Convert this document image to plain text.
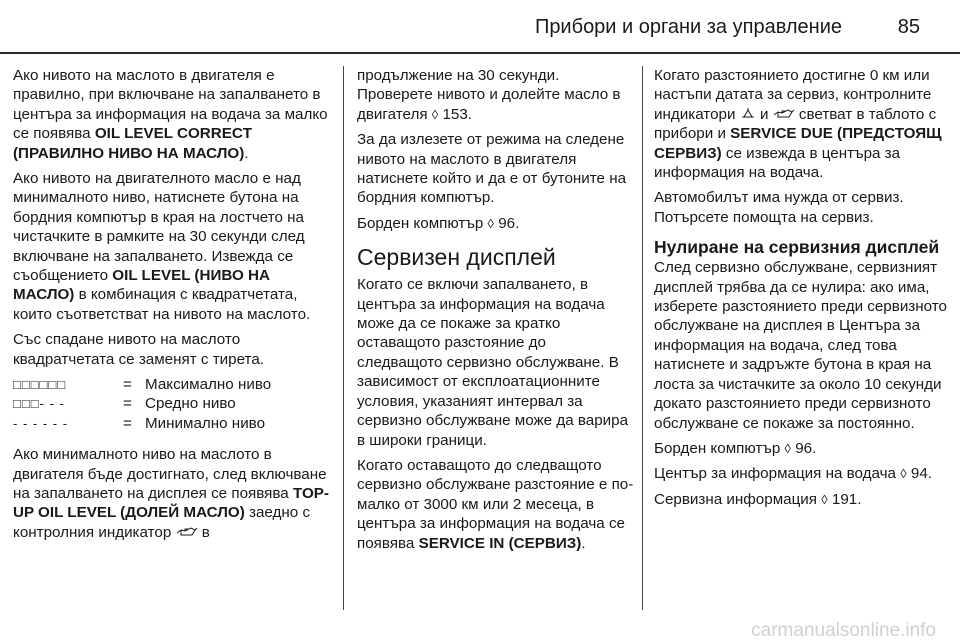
Прибори и органи за управление	85

Ако нивото на маслото в двигателя е правилно, при включване на запалването в центъра за информация на водача за малко се появява OIL LEVEL CORRECT (ПРАВИЛНО НИВО НА МАСЛО).

Ако нивото на двигателното масло е над минималното ниво, натиснете бутона на бордния компютър в края на лостчето на чистачките в рамките на 30 секунди след включване на запалването. Извежда се съобщението OIL LEVEL (НИВО НА МАСЛО) в комбинация с квадратчетата, които съответстват на нивото на маслото.

Със спадане нивото на маслото квадратчетата се заменят с тирета.

□□□□□□	= Максимално ниво
□□□- - -	= Средно ниво
- - - - - -	= Минимално ниво

Ако минималното ниво на маслото в двигателя бъде достигнато, след включване на запалването на дисплея се появява TOP-UP OIL LEVEL (ДОЛЕЙ МАСЛО) заедно с контролния индикатор  в

продължение на 30 секунди. Проверете нивото и долейте масло в двигателя ◊ 153.

За да излезете от режима на следене нивото на маслото в двигателя натиснете който и да е от бутоните на бордния компютър.

Борден компютър ◊ 96.

Сервизен дисплей

Когато се включи запалването, в центъра за информация на водача може да се покаже за кратко оставащото разстояние до следващото сервизно обслужване. В зависимост от експлоатационните условия, указаният интервал за сервизно обслужване може да варира в широки граници.

Когато оставащото до следващото сервизно обслужване разстояние е по-малко от 3000 км или 2 месеца, в центъра за информация на водача се появява SERVICE IN (СЕРВИЗ).

Когато разстоянието достигне 0 км или настъпи датата за сервиз, контролните индикатори  и светват в таблото с прибори и SERVICE DUE (ПРЕДСТОЯЩ СЕРВИЗ) се извежда в центъра за информация на водача.

Автомобилът има нужда от сервиз. Потърсете помощта на сервиз.

Нулиране на сервизния дисплей

След сервизно обслужване, сервизният дисплей трябва да се нулира: ако има, изберете разстоянието преди сервизното обслужване на дисплея в Центъра за информация на водача, след това натиснете и задръжте бутона в края на лоста за чистачките за около 10 секунди докато разстоянието преди сервизното обслужване се покаже за постоянно.

Борден компютър ◊ 96.

Център за информация на водача ◊ 94.

Сервизна информация ◊ 191.

carmanualsonline.info
